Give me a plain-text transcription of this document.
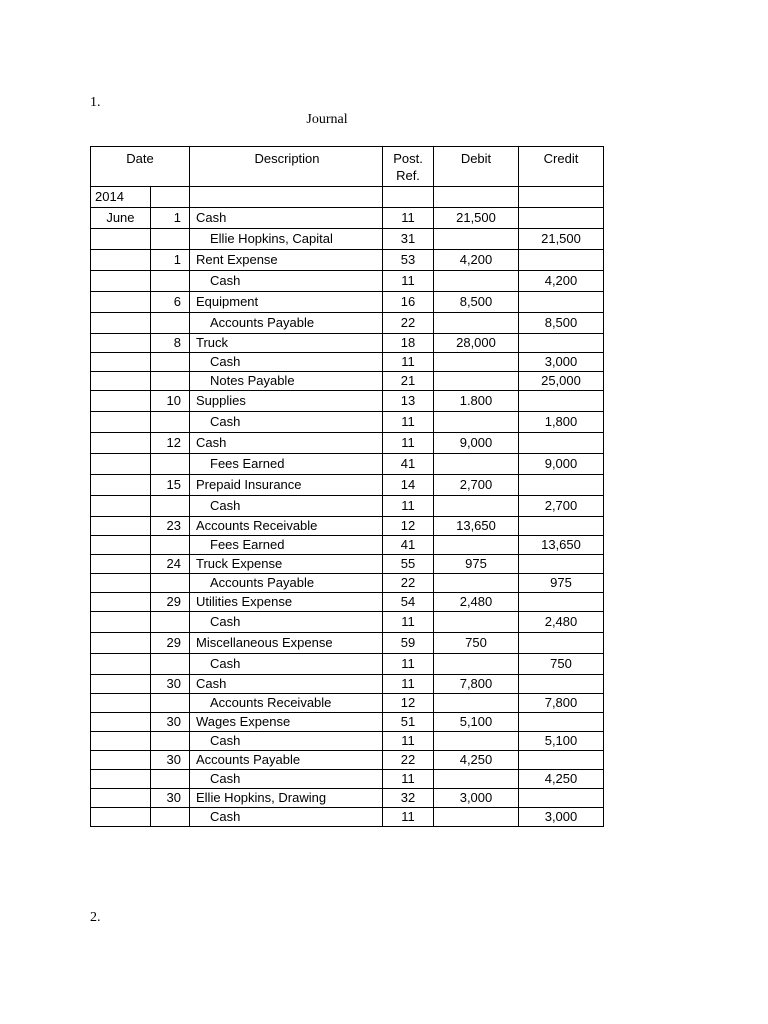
1.
Journal
Date		Description	Post.
Ref.	Debit	Credit
2014					
June	1	Cash	11	21,500	
		Ellie Hopkins, Capital	31		21,500
	1	Rent Expense	53	4,200	
		Cash	11		4,200
	6	Equipment	16	8,500	
		Accounts Payable	22		8,500
	8	Truck	18	28,000	
		Cash	11		3,000
		Notes Payable	21		25,000
	10	Supplies	13	1.800	
		Cash	11		1,800
	12	Cash	11	9,000	
		Fees Earned	41		9,000
	15	Prepaid Insurance	14	2,700	
		Cash	11		2,700
	23	Accounts Receivable	12	13,650	
		Fees Earned	41		13,650
	24	Truck Expense	55	975	
		Accounts Payable	22		975
	29	Utilities Expense	54	2,480	
		Cash	11		2,480
	29	Miscellaneous Expense	59	750	
		Cash	11		750
	30	Cash	11	7,800	
		Accounts Receivable	12		7,800
	30	Wages Expense	51	5,100	
		Cash	11		5,100
	30	Accounts Payable	22	4,250	
		Cash	11		4,250
	30	Ellie Hopkins, Drawing	32	3,000	
		Cash	11		3,000
2.
